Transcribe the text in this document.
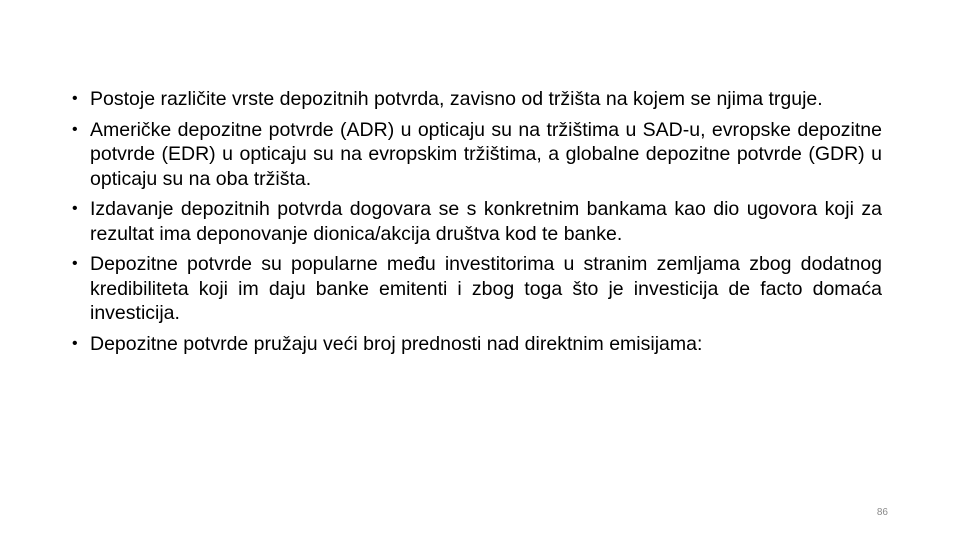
• Postoje različite vrste depozitnih potvrda, zavisno od tržišta na kojem se njima trguje.
• Američke depozitne potvrde (ADR) u opticaju su na tržištima u SAD-u, evropske depozitne potvrde (EDR) u opticaju su na evropskim tržištima, a globalne depozitne potvrde (GDR) u opticaju su na oba tržišta.
• Izdavanje depozitnih potvrda dogovara se s konkretnim bankama kao dio ugovora koji za rezultat ima deponovanje dionica/akcija društva kod te banke.
• Depozitne potvrde su popularne među investitorima u stranim zemljama zbog dodatnog kredibiliteta koji im daju banke emitenti i zbog toga što je investicija de facto domaća investicija.
• Depozitne potvrde pružaju veći broj prednosti nad direktnim emisijama:
86
